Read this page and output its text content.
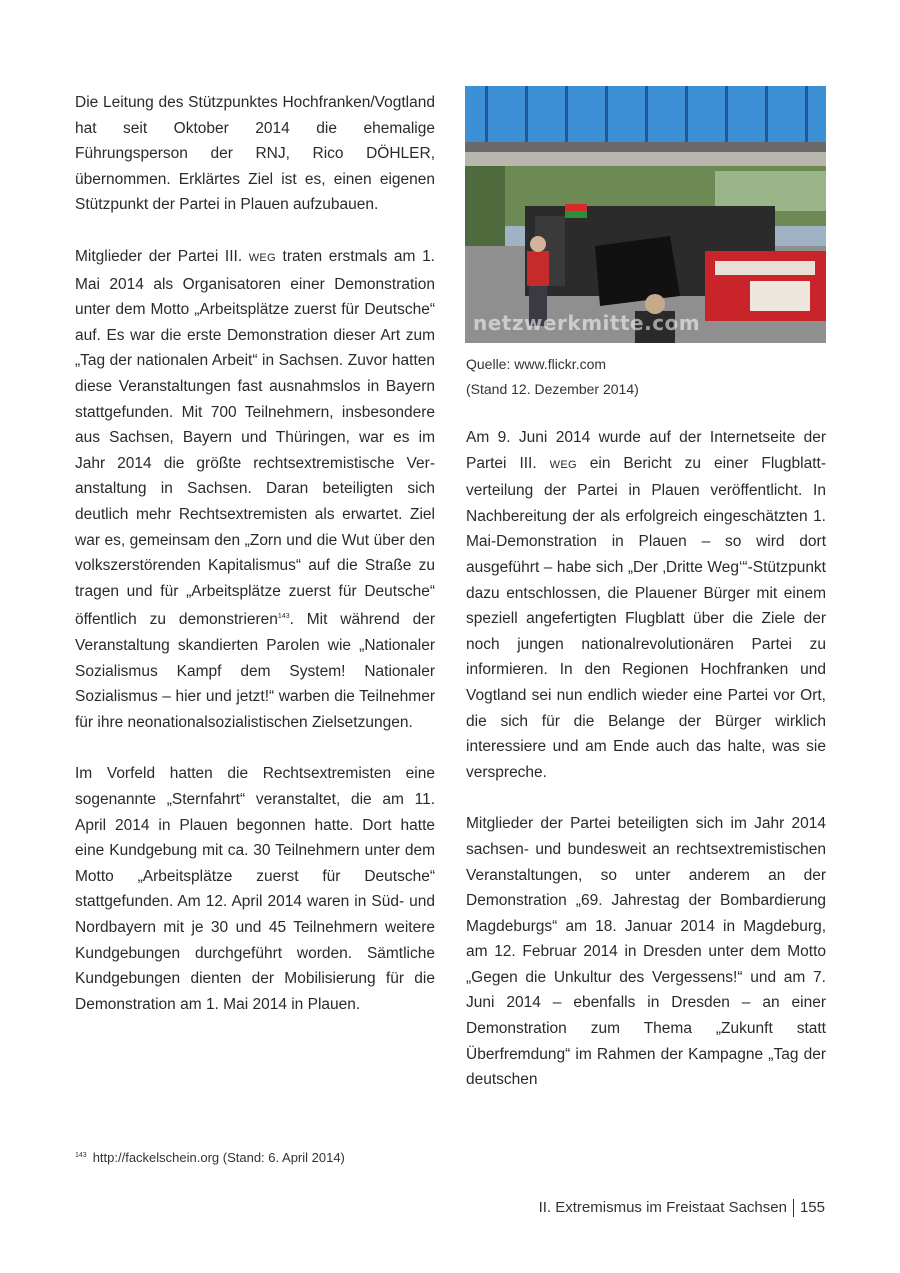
Die Leitung des Stützpunktes Hochfranken/Vogtland hat seit Oktober 2014 die ehemalige Führungsperson der RNJ, Rico DÖHLER, übernommen. Erklärtes Ziel ist es, einen eigenen Stützpunkt der Partei in Plauen aufzubauen.

Mitglieder der Partei III. WEG traten erstmals am 1. Mai 2014 als Organisatoren einer Demonstration unter dem Motto „Arbeitsplätze zuerst für Deutsche“ auf. Es war die erste Demonstration dieser Art zum „Tag der nationalen Arbeit“ in Sachsen. Zuvor hatten diese Veranstaltungen fast ausnahmslos in Bayern stattgefunden. Mit 700 Teilnehmern, insbesondere aus Sachsen, Bayern und Thüringen, war es im Jahr 2014 die größte rechtsextremistische Veranstaltung in Sachsen. Daran beteiligten sich deutlich mehr Rechtsextremisten als erwartet. Ziel war es, gemeinsam den „Zorn und die Wut über den volkszerstörenden Kapitalismus“ auf die Straße zu tragen und für „Arbeitsplätze zuerst für Deutsche“ öffentlich zu demonstrieren$^{143}$. Mit während der Veranstaltung skandierten Parolen wie „Nationaler Sozialismus Kampf dem System! Nationaler Sozialismus – hier und jetzt!“ warben die Teilnehmer für ihre neonationalsozialistischen Zielsetzungen.

Im Vorfeld hatten die Rechtsextremisten eine sogenannte „Sternfahrt“ veranstaltet, die am 11. April 2014 in Plauen begonnen hatte. Dort hatte eine Kundgebung mit ca. 30 Teilnehmern unter dem Motto „Arbeitsplätze zuerst für Deutsche“ stattgefunden. Am 12. April 2014 waren in Süd- und Nordbayern mit je 30 und 45 Teilnehmern weitere Kundgebungen durchgeführt worden. Sämtliche Kundgebungen dienten der Mobilisierung für die Demonstration am 1. Mai 2014 in Plauen.

netzwerkmitte.com
Quelle: www.flickr.com
(Stand 12. Dezember 2014)

Am 9. Juni 2014 wurde auf der Internetseite der Partei III. WEG ein Bericht zu einer Flugblattverteilung der Partei in Plauen veröffentlicht. In Nachbereitung der als erfolgreich eingeschätzten 1. Mai-Demonstration in Plauen – so wird dort ausgeführt – habe sich „Der ‚Dritte Weg‘“-Stützpunkt dazu entschlossen, die Plauener Bürger mit einem speziell angefertigten Flugblatt über die Ziele der noch jungen nationalrevolutionären Partei zu informieren. In den Regionen Hochfranken und Vogtland sei nun endlich wieder eine Partei vor Ort, die sich für die Belange der Bürger wirklich interessiere und am Ende auch das halte, was sie verspreche.

Mitglieder der Partei beteiligten sich im Jahr 2014 sachsen- und bundesweit an rechtsextremistischen Veranstaltungen, so unter anderem an der Demonstration „69. Jahrestag der Bombardierung Magdeburgs“ am 18. Januar 2014 in Magdeburg, am 12. Februar 2014 in Dresden unter dem Motto „Gegen die Unkultur des Vergessens!“ und am 7. Juni 2014 – ebenfalls in Dresden – an einer Demonstration zum Thema „Zukunft statt Überfremdung“ im Rahmen der Kampagne „Tag der deutschen

$^{143}$ http://fackelschein.org (Stand: 6. April 2014)
II. Extremismus im Freistaat Sachsen 155
